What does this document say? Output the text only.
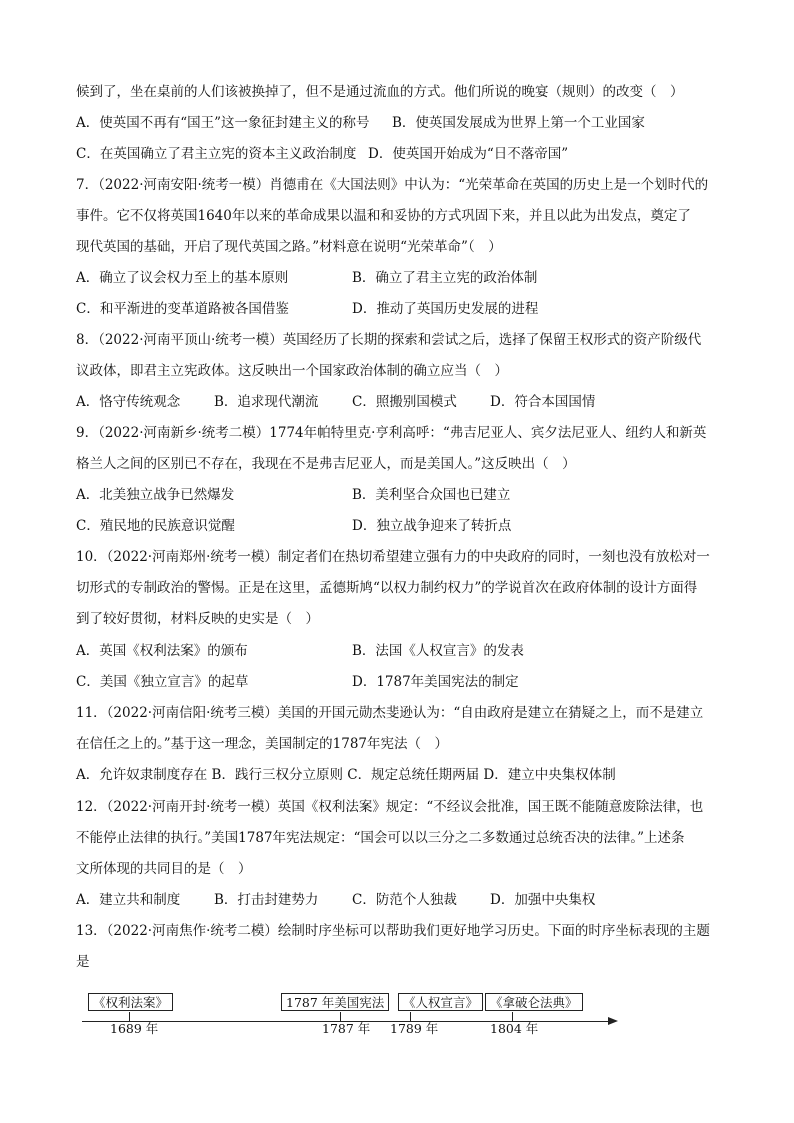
候到了，坐在桌前的人们该被换掉了，但不是通过流血的方式。他们所说的晚宴（规则）的改变（　）
A．使英国不再有“国王”这一象征封建主义的称号 B．使英国发展成为世界上第一个工业国家
C．在英国确立了君主立宪的资本主义政治制度 D．使英国开始成为“日不落帝国”
7．（2022·河南安阳·统考一模）肖德甫在《大国法则》中认为：“光荣革命在英国的历史上是一个划时代的
事件。它不仅将英国1640年以来的革命成果以温和和妥协的方式巩固下来，并且以此为出发点，奠定了
现代英国的基础，开启了现代英国之路。”材料意在说明“光荣革命”（　）
A．确立了议会权力至上的基本原则	B．确立了君主立宪的政治体制
C．和平渐进的变革道路被各国借鉴	D．推动了英国历史发展的进程
8．（2022·河南平顶山·统考一模）英国经历了长期的探索和尝试之后，选择了保留王权形式的资产阶级代
议政体，即君主立宪政体。这反映出一个国家政治体制的确立应当（　）
A．恪守传统观念	B．追求现代潮流 C．照搬别国模式 D．符合本国国情
9．（2022·河南新乡·统考二模）1774年帕特里克·亨利高呼：“弗吉尼亚人、宾夕法尼亚人、纽约人和新英
格兰人之间的区别已不存在，我现在不是弗吉尼亚人，而是美国人。”这反映出（　）
A．北美独立战争已然爆发	B．美利坚合众国也已建立
C．殖民地的民族意识觉醒	D．独立战争迎来了转折点
10．（2022·河南郑州·统考一模）制定者们在热切希望建立强有力的中央政府的同时，一刻也没有放松对一
切形式的专制政治的警惕。正是在这里，孟德斯鸠“以权力制约权力”的学说首次在政府体制的设计方面得
到了较好贯彻，材料反映的史实是（　）
A．英国《权利法案》的颁布	B．法国《人权宣言》的发表
C．美国《独立宣言》的起草	D．1787年美国宪法的制定
11．（2022·河南信阳·统考三模）美国的开国元勋杰斐逊认为：“自由政府是建立在猜疑之上，而不是建立
在信任之上的。”基于这一理念，美国制定的1787年宪法（　）
A．允许奴隶制度存在 B．践行三权分立原则 C．规定总统任期两届 D．建立中央集权体制
12．（2022·河南开封·统考一模）英国《权利法案》规定：“不经议会批准，国王既不能随意废除法律，也
不能停止法律的执行。”美国1787年宪法规定：“国会可以以三分之二多数通过总统否决的法律。”上述条
文所体现的共同目的是（　）
A．建立共和制度	B．打击封建势力 C．防范个人独裁 D．加强中央集权
13．（2022·河南焦作·统考二模）绘制时序坐标可以帮助我们更好地学习历史。下面的时序坐标表现的主题
是
《权利法案》
1689 年
1787 年美国宪法
1787 年
《人权宣言》
1789 年
《拿破仑法典》
1804 年
